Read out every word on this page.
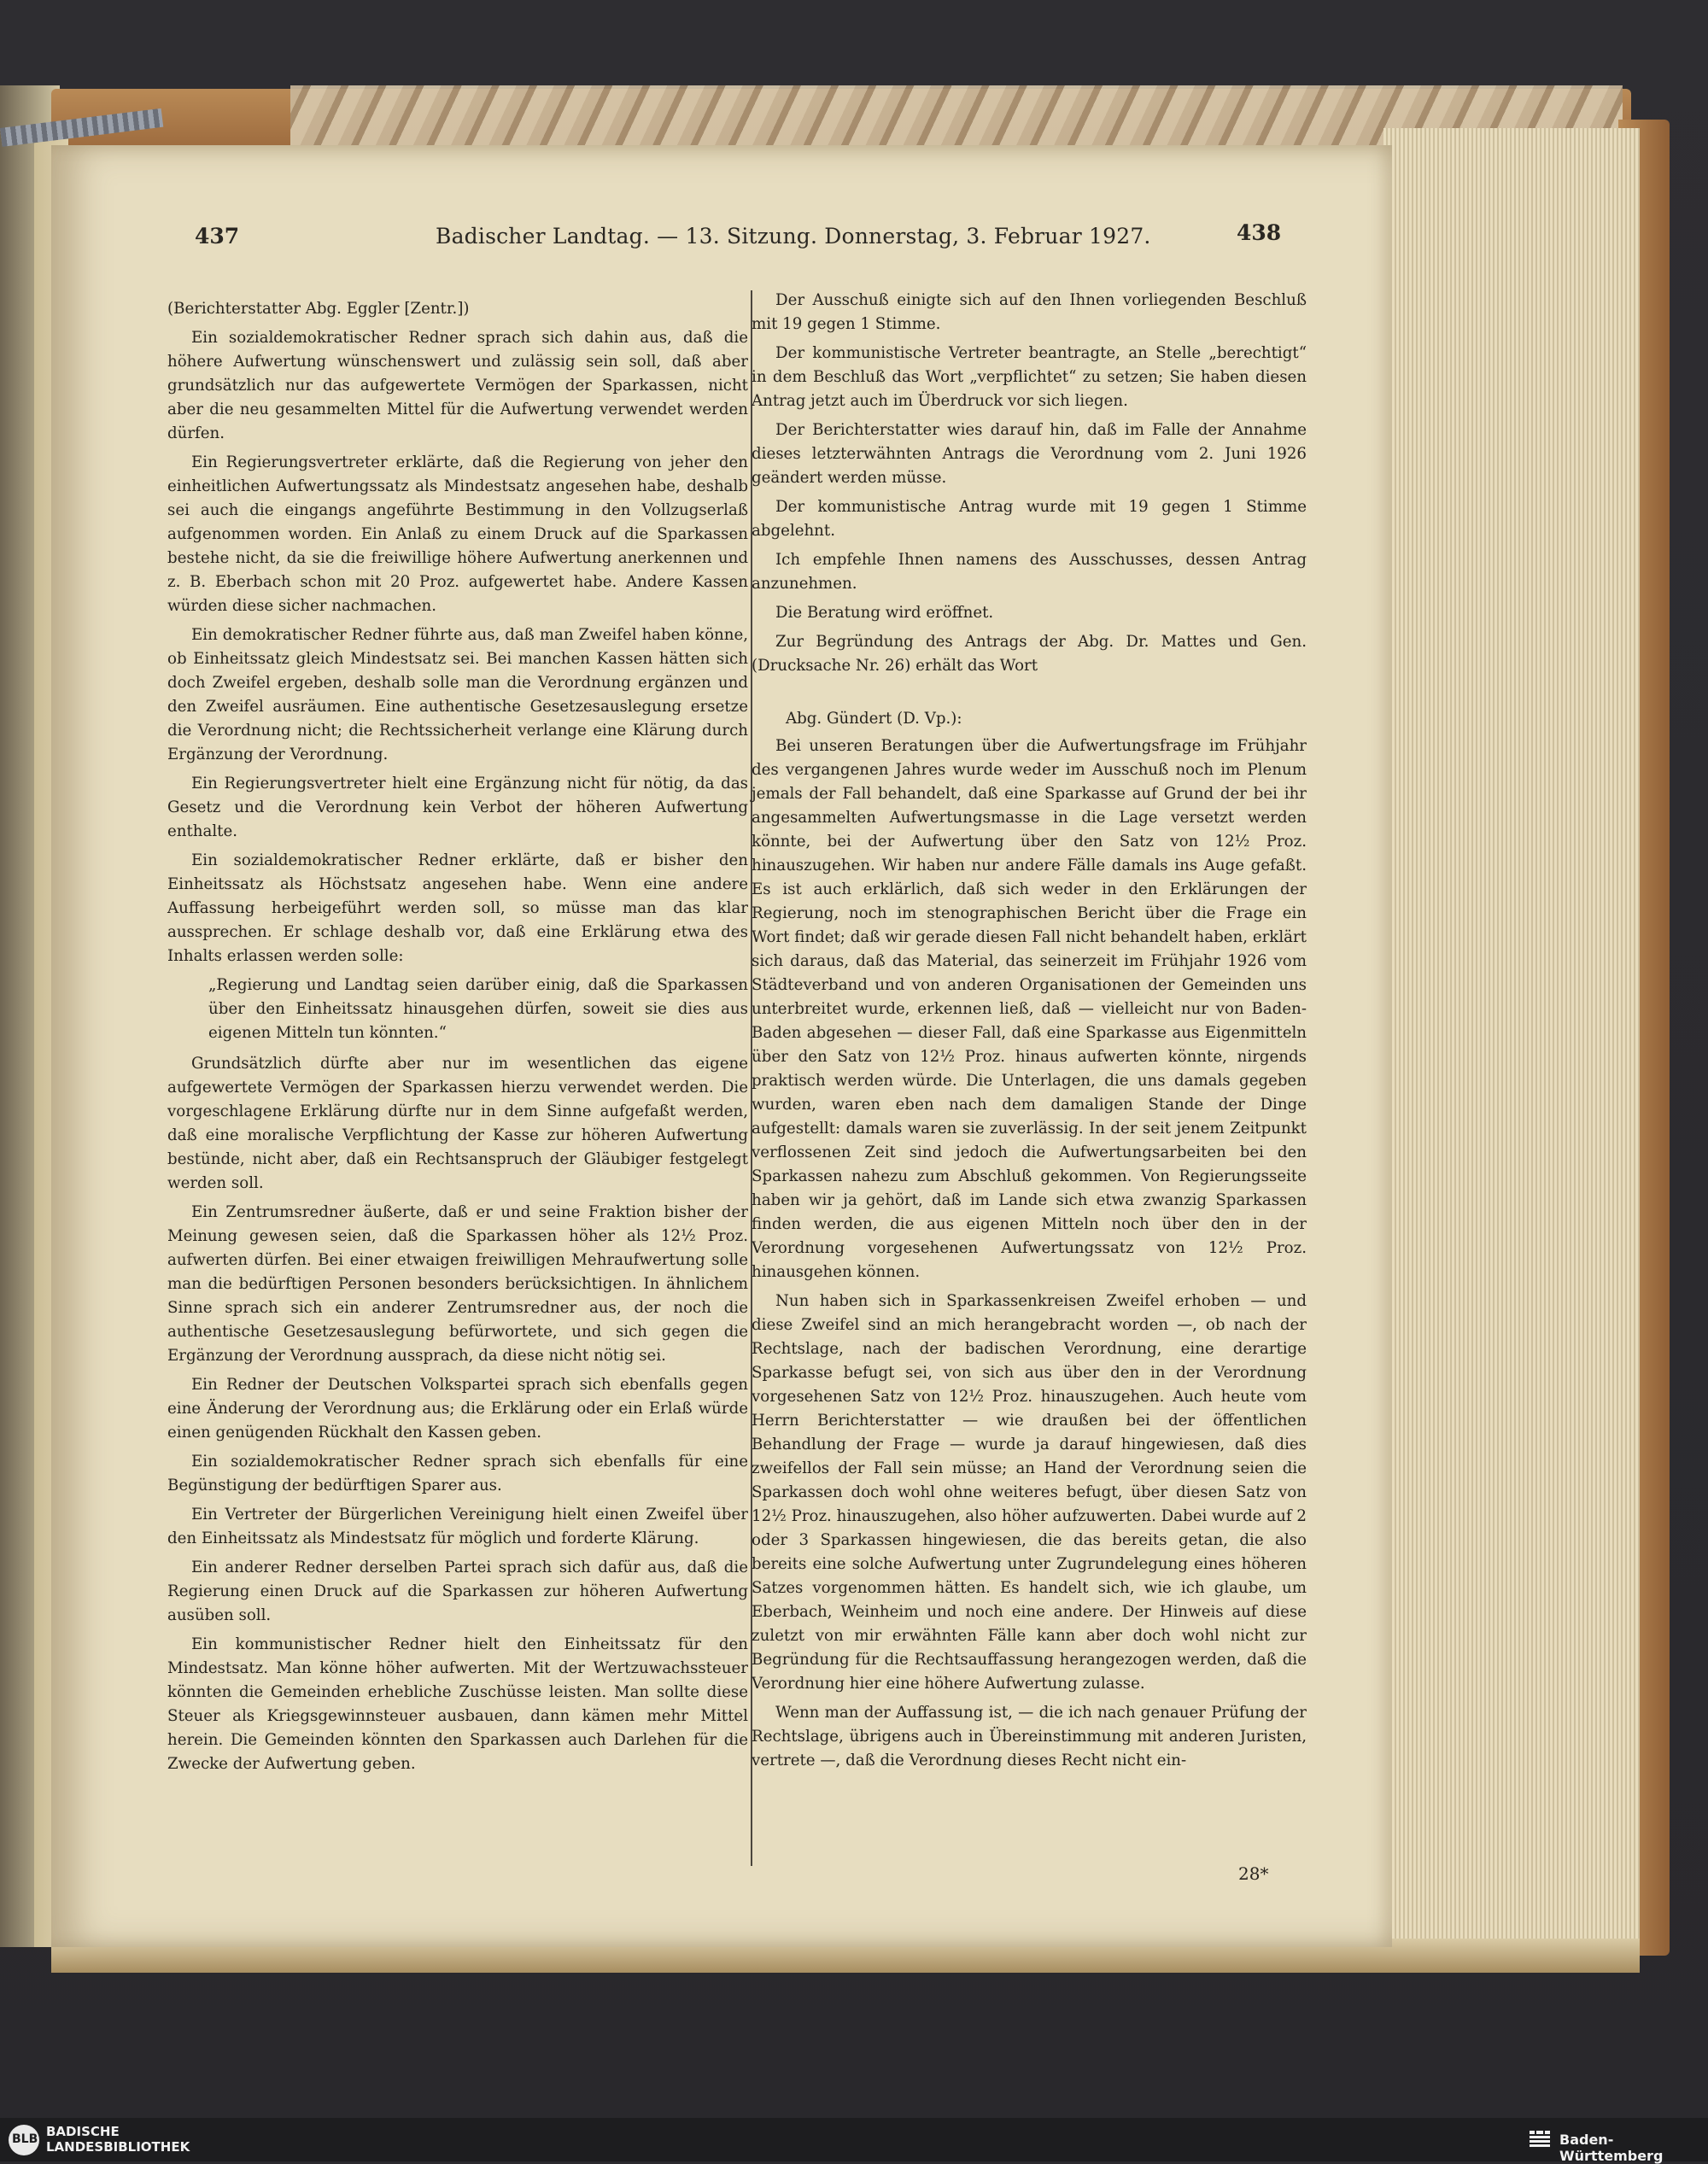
437	Badischer Landtag. — 13. Sitzung. Donnerstag, 3. Februar 1927.	438

(Berichterstatter Abg. Eggler [Zentr.])

Ein sozialdemokratischer Redner sprach sich dahin aus, daß die höhere Aufwertung wünschenswert und zulässig sein soll, daß aber grundsätzlich nur das aufgewertete Vermögen der Sparkassen, nicht aber die neu gesammelten Mittel für die Aufwertung verwendet werden dürfen.

Ein Regierungsvertreter erklärte, daß die Regierung von jeher den einheitlichen Aufwertungssatz als Mindestsatz angesehen habe, deshalb sei auch die eingangs angeführte Bestimmung in den Vollzugserlaß aufgenommen worden. Ein Anlaß zu einem Druck auf die Sparkassen bestehe nicht, da sie die freiwillige höhere Aufwertung anerkennen und z. B. Eberbach schon mit 20 Proz. aufgewertet habe. Andere Kassen würden diese sicher nachmachen.

Ein demokratischer Redner führte aus, daß man Zweifel haben könne, ob Einheitssatz gleich Mindestsatz sei. Bei manchen Kassen hätten sich doch Zweifel ergeben, deshalb solle man die Verordnung ergänzen und den Zweifel ausräumen. Eine authentische Gesetzesauslegung ersetze die Verordnung nicht; die Rechtssicherheit verlange eine Klärung durch Ergänzung der Verordnung.

Ein Regierungsvertreter hielt eine Ergänzung nicht für nötig, da das Gesetz und die Verordnung kein Verbot der höheren Aufwertung enthalte.

Ein sozialdemokratischer Redner erklärte, daß er bisher den Einheitssatz als Höchstsatz angesehen habe. Wenn eine andere Auffassung herbeigeführt werden soll, so müsse man das klar aussprechen. Er schlage deshalb vor, daß eine Erklärung etwa des Inhalts erlassen werden solle:

„Regierung und Landtag seien darüber einig, daß die Sparkassen über den Einheitssatz hinausgehen dürfen, soweit sie dies aus eigenen Mitteln tun könnten.“

Grundsätzlich dürfte aber nur im wesentlichen das eigene aufgewertete Vermögen der Sparkassen hierzu verwendet werden. Die vorgeschlagene Erklärung dürfte nur in dem Sinne aufgefaßt werden, daß eine moralische Verpflichtung der Kasse zur höheren Aufwertung bestünde, nicht aber, daß ein Rechtsanspruch der Gläubiger festgelegt werden soll.

Ein Zentrumsredner äußerte, daß er und seine Fraktion bisher der Meinung gewesen seien, daß die Sparkassen höher als 12½ Proz. aufwerten dürfen. Bei einer etwaigen freiwilligen Mehraufwertung solle man die bedürftigen Personen besonders berücksichtigen. In ähnlichem Sinne sprach sich ein anderer Zentrumsredner aus, der noch die authentische Gesetzesauslegung befürwortete, und sich gegen die Ergänzung der Verordnung aussprach, da diese nicht nötig sei.

Ein Redner der Deutschen Volkspartei sprach sich ebenfalls gegen eine Änderung der Verordnung aus; die Erklärung oder ein Erlaß würde einen genügenden Rückhalt den Kassen geben.

Ein sozialdemokratischer Redner sprach sich ebenfalls für eine Begünstigung der bedürftigen Sparer aus.

Ein Vertreter der Bürgerlichen Vereinigung hielt einen Zweifel über den Einheitssatz als Mindestsatz für möglich und forderte Klärung.

Ein anderer Redner derselben Partei sprach sich dafür aus, daß die Regierung einen Druck auf die Sparkassen zur höheren Aufwertung ausüben soll.

Ein kommunistischer Redner hielt den Einheitssatz für den Mindestsatz. Man könne höher aufwerten. Mit der Wertzuwachssteuer könnten die Gemeinden erhebliche Zuschüsse leisten. Man sollte diese Steuer als Kriegsgewinnsteuer ausbauen, dann kämen mehr Mittel herein. Die Gemeinden könnten den Sparkassen auch Darlehen für die Zwecke der Aufwertung geben.

Der Ausschuß einigte sich auf den Ihnen vorliegenden Beschluß mit 19 gegen 1 Stimme.

Der kommunistische Vertreter beantragte, an Stelle „berechtigt“ in dem Beschluß das Wort „verpflichtet“ zu setzen; Sie haben diesen Antrag jetzt auch im Überdruck vor sich liegen.

Der Berichterstatter wies darauf hin, daß im Falle der Annahme dieses letzterwähnten Antrags die Verordnung vom 2. Juni 1926 geändert werden müsse.

Der kommunistische Antrag wurde mit 19 gegen 1 Stimme abgelehnt.

Ich empfehle Ihnen namens des Ausschusses, dessen Antrag anzunehmen.

Die Beratung wird eröffnet.

Zur Begründung des Antrags der Abg. Dr. Mattes und Gen. (Drucksache Nr. 26) erhält das Wort

Abg. Gündert (D. Vp.):

Bei unseren Beratungen über die Aufwertungsfrage im Frühjahr des vergangenen Jahres wurde weder im Ausschuß noch im Plenum jemals der Fall behandelt, daß eine Sparkasse auf Grund der bei ihr angesammelten Aufwertungsmasse in die Lage versetzt werden könnte, bei der Aufwertung über den Satz von 12½ Proz. hinauszugehen. Wir haben nur andere Fälle damals ins Auge gefaßt. Es ist auch erklärlich, daß sich weder in den Erklärungen der Regierung, noch im stenographischen Bericht über die Frage ein Wort findet; daß wir gerade diesen Fall nicht behandelt haben, erklärt sich daraus, daß das Material, das seinerzeit im Frühjahr 1926 vom Städteverband und von anderen Organisationen der Gemeinden uns unterbreitet wurde, erkennen ließ, daß — vielleicht nur von Baden-Baden abgesehen — dieser Fall, daß eine Sparkasse aus Eigenmitteln über den Satz von 12½ Proz. hinaus aufwerten könnte, nirgends praktisch werden würde. Die Unterlagen, die uns damals gegeben wurden, waren eben nach dem damaligen Stande der Dinge aufgestellt: damals waren sie zuverlässig. In der seit jenem Zeitpunkt verflossenen Zeit sind jedoch die Aufwertungsarbeiten bei den Sparkassen nahezu zum Abschluß gekommen. Von Regierungsseite haben wir ja gehört, daß im Lande sich etwa zwanzig Sparkassen finden werden, die aus eigenen Mitteln noch über den in der Verordnung vorgesehenen Aufwertungssatz von 12½ Proz. hinausgehen können.

Nun haben sich in Sparkassenkreisen Zweifel erhoben — und diese Zweifel sind an mich herangebracht worden —, ob nach der Rechtslage, nach der badischen Verordnung, eine derartige Sparkasse befugt sei, von sich aus über den in der Verordnung vorgesehenen Satz von 12½ Proz. hinauszugehen. Auch heute vom Herrn Berichterstatter — wie draußen bei der öffentlichen Behandlung der Frage — wurde ja darauf hingewiesen, daß dies zweifellos der Fall sein müsse; an Hand der Verordnung seien die Sparkassen doch wohl ohne weiteres befugt, über diesen Satz von 12½ Proz. hinauszugehen, also höher aufzuwerten. Dabei wurde auf 2 oder 3 Sparkassen hingewiesen, die das bereits getan, die also bereits eine solche Aufwertung unter Zugrundelegung eines höheren Satzes vorgenommen hätten. Es handelt sich, wie ich glaube, um Eberbach, Weinheim und noch eine andere. Der Hinweis auf diese zuletzt von mir erwähnten Fälle kann aber doch wohl nicht zur Begründung für die Rechtsauffassung herangezogen werden, daß die Verordnung hier eine höhere Aufwertung zulasse.

Wenn man der Auffassung ist, — die ich nach genauer Prüfung der Rechtslage, übrigens auch in Übereinstimmung mit anderen Juristen, vertrete —, daß die Verordnung dieses Recht nicht ein-

28*
BLB BADISCHE
LANDESBIBLIOTHEK	Baden-Württemberg
